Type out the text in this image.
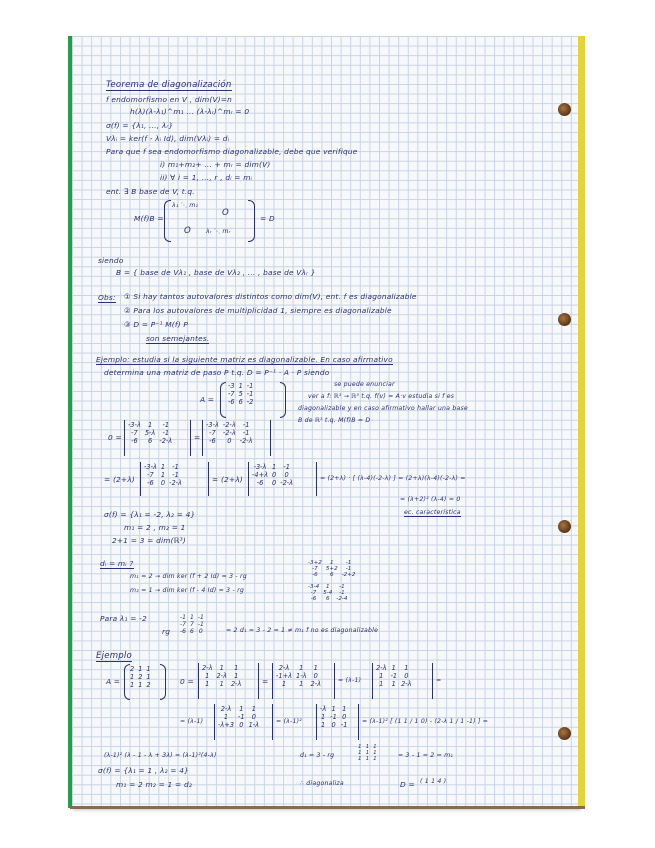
Teorema de diagonalización
f endomorfismo en V , dim(V)=n
h(λ)(λ-λ₁)^m₁ ... (λ-λᵣ)^mᵣ = 0
σ(f) = {λ₁, ..., λᵣ}
Vλᵢ = ker(f - λᵢ Id), dim(Vλᵢ) = dᵢ
Para que f sea endomorfismo diagonalizable, debe que verifique
i) m₁+m₂+ ... + mᵣ = dim(V)
ii) ∀ i = 1, ..., r , dᵢ = mᵢ
ent. ∃ B base de V, t.q.
M(f)B =
λ₁ ⋱ m₁
O
O λᵣ ⋱ mᵣ
= D
siendo
B = { base de Vλ₁ , base de Vλ₂ , ... , base de Vλᵣ }
Obs: ① Si hay tantos autovalores distintos como dim(V), ent. f es diagonalizable
② Para los autovalores de multiplicidad 1, siempre es diagonalizable
③ D = P⁻¹ M(f) P
son semejantes.
Ejemplo: estudia si la siguiente matriz es diagonalizable. En caso afirmativo
determina una matriz de paso P t.q. D = P⁻¹ · A · P siendo
A =
-3	1	-1
-7	5	-1
-6	6	-2
se puede enunciar
ver a f: ℝ³ → ℝ³ t.q. f(v) = A·v estudia si f es
diagonalizable y en caso afirmativo hallar una base
B de ℝ³ t.q. M(f)B = D
0 =
-3-λ	1	-1
-7	5-λ	-1
-6	6	-2-λ	=
-3-λ	-2-λ	-1
-7	-2-λ	-1
-6	0	-2-λ
= (2+λ)
-3-λ	1	-1
-7	1	-1
-6	0	-2-λ	= (2+λ)
-3-λ	1	-1
-4+λ	0	0
-6	0	-2-λ
= (2+λ) · [ (λ-4)(-2-λ) ] = (2+λ)(λ-4)(-2-λ) =
= (λ+2)² (λ-4) = 0
ec. característica
σ(f) = {λ₁ = -2, λ₂ = 4}
m₁ = 2 , m₂ = 1
2+1 = 3 = dim(ℝ³)
dᵢ = mᵢ ?
m₁ = 2 → dim ker (f + 2 Id) = 3 - rg
-3+2	1	-1
-7	5+2	-1
-6	6	-2+2
m₂ = 1 → dim ker (f - 4 Id) = 3 - rg	-3-4	1	-1
-7	5-4	-1
-6	6	-2-4
Para λ₁ = -2
rg
-1	1	-1
-7	7	-1
-6	6	0	= 2 d₁ = 3 - 2 = 1 ≠ m₁ f no es diagonalizable
Ejemplo
A =
2	1	1
1	2	1
1	1	2	0 =
2-λ	1	1
1	2-λ	1
1	1	2-λ	=
2-λ	1	1
-1+λ	1-λ	0
1	1	2-λ	= (λ-1)
2-λ	1	1
1	-1	0
1	1	2-λ	=
= (λ-1)
2-λ	1	1
1	-1	0
-λ+3	0	1-λ	= (λ-1)²
-λ	1	1
1	-1	0
1	0	-1 = (λ-1)² [ (1 1 / 1 0) - (2-λ 1 / 1 -1) ] =
(λ-1)² (λ - 1 - λ + 3λ) = (λ-1)²(4-λ)
σ(f) = {λ₁ = 1 , λ₂ = 4}
m₁ = 2 m₂ = 1 = d₂
d₁ = 3 - rg
1	1	1
1	1	1
1	1	1	= 3 - 1 = 2 = m₁
∴ diagonaliza	D = ( 1 1 4 )
